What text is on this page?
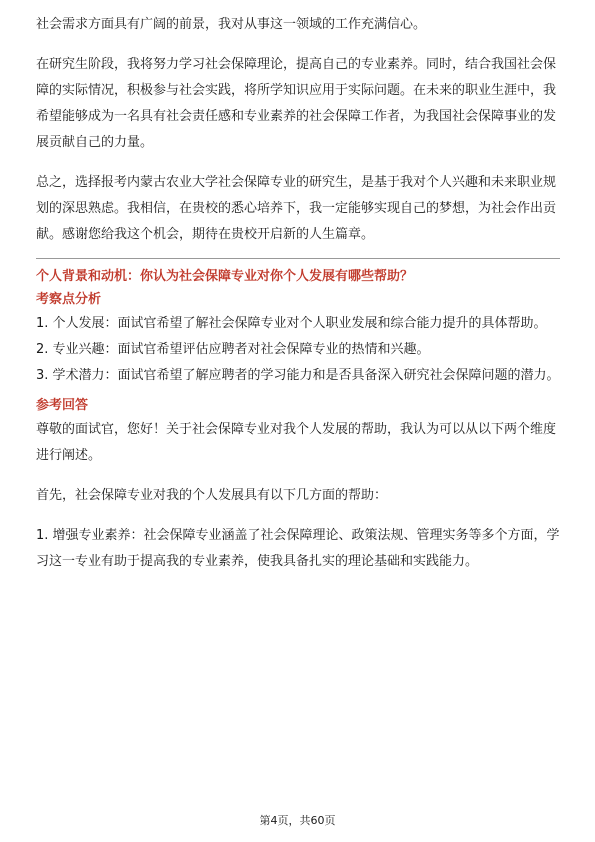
社会需求方面具有广阔的前景，我对从事这一领域的工作充满信心。

在研究生阶段，我将努力学习社会保障理论，提高自己的专业素养。同时，结合我国社会保障的实际情况，积极参与社会实践，将所学知识应用于实际问题。在未来的职业生涯中，我希望能够成为一名具有社会责任感和专业素养的社会保障工作者，为我国社会保障事业的发展贡献自己的力量。

总之，选择报考内蒙古农业大学社会保障专业的研究生，是基于我对个人兴趣和未来职业规划的深思熟虑。我相信，在贵校的悉心培养下，我一定能够实现自己的梦想，为社会作出贡献。感谢您给我这个机会，期待在贵校开启新的人生篇章。

个人背景和动机：你认为社会保障专业对你个人发展有哪些帮助？

考察点分析

1. 个人发展：面试官希望了解社会保障专业对个人职业发展和综合能力提升的具体帮助。

2. 专业兴趣：面试官希望评估应聘者对社会保障专业的热情和兴趣。

3. 学术潜力：面试官希望了解应聘者的学习能力和是否具备深入研究社会保障问题的潜力。

参考回答

尊敬的面试官，您好！关于社会保障专业对我个人发展的帮助，我认为可以从以下两个维度进行阐述。

首先，社会保障专业对我的个人发展具有以下几方面的帮助：

1. 增强专业素养：社会保障专业涵盖了社会保障理论、政策法规、管理实务等多个方面，学习这一专业有助于提高我的专业素养，使我具备扎实的理论基础和实践能力。

第4页，共60页
